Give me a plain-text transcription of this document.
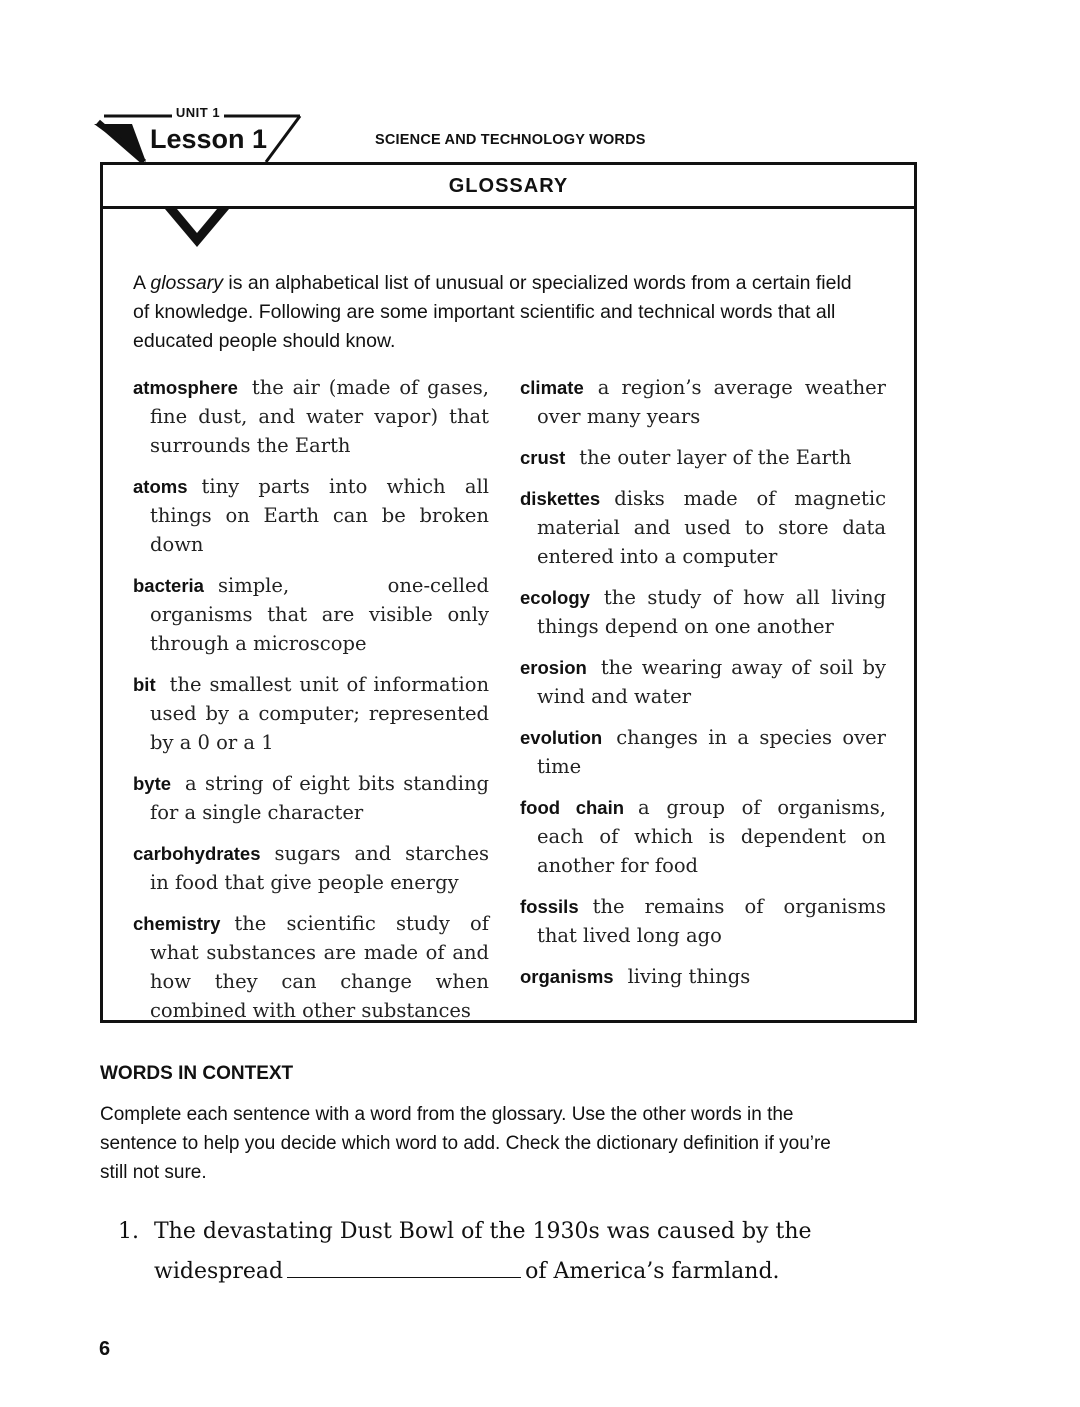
UNIT 1
Lesson 1	SCIENCE AND TECHNOLOGY WORDS
GLOSSARY

A glossary is an alphabetical list of unusual or specialized words from a certain field of knowledge. Following are some important scientific and technical words that all educated people should know.

atmosphere the air (made of gases, fine dust, and water vapor) that surrounds the Earth
atoms tiny parts into which all things on Earth can be broken down
bacteria simple, one-celled organisms that are visible only through a microscope
bit the smallest unit of information used by a computer; represented by a 0 or a 1
byte a string of eight bits standing for a single character
carbohydrates sugars and starches in food that give people energy
chemistry the scientific study of what substances are made of and how they can change when combined with other substances
climate a region’s average weather over many years
crust the outer layer of the Earth
diskettes disks made of magnetic material and used to store data entered into a computer
ecology the study of how all living things depend on one another
erosion the wearing away of soil by wind and water
evolution changes in a species over time
food chain a group of organisms, each of which is dependent on another for food
fossils the remains of organisms that lived long ago
organisms living things
WORDS IN CONTEXT

Complete each sentence with a word from the glossary. Use the other words in the sentence to help you decide which word to add. Check the dictionary definition if you’re still not sure.

1. The devastating Dust Bowl of the 1930s was caused by the widespread	of America’s farmland.
6
